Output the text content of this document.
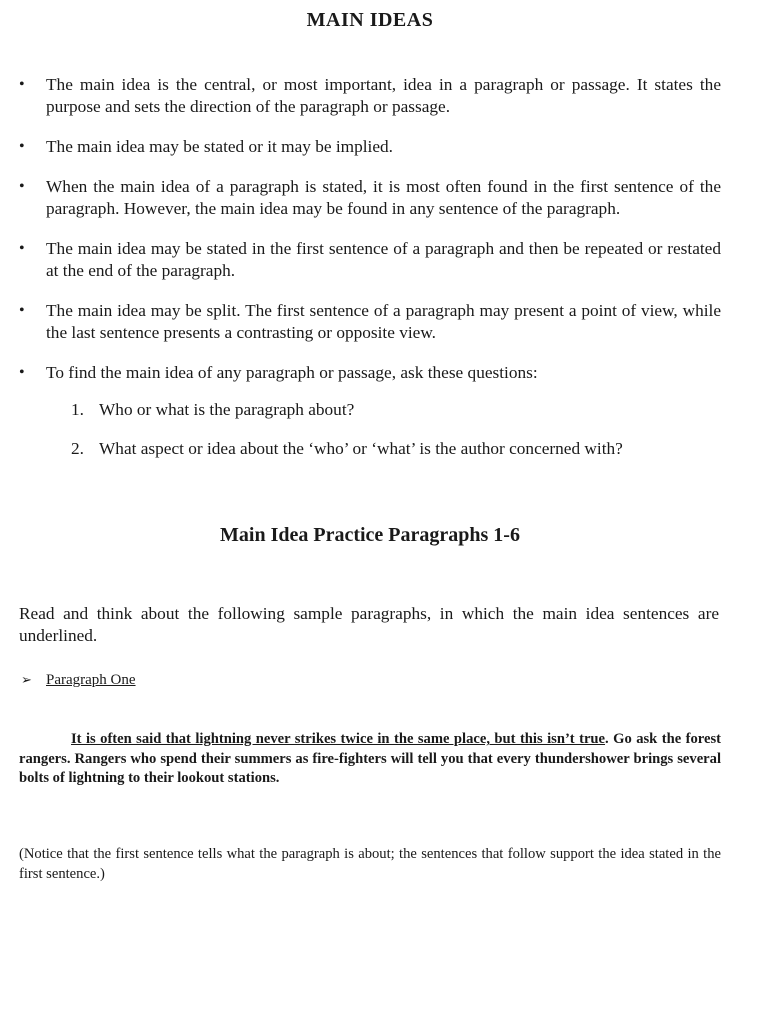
MAIN IDEAS
• The main idea is the central, or most important, idea in a paragraph or passage. It states the purpose and sets the direction of the paragraph or passage.
• The main idea may be stated or it may be implied.
• When the main idea of a paragraph is stated, it is most often found in the first sentence of the paragraph. However, the main idea may be found in any sentence of the paragraph.
• The main idea may be stated in the first sentence of a paragraph and then be repeated or restated at the end of the paragraph.
• The main idea may be split. The first sentence of a paragraph may present a point of view, while the last sentence presents a contrasting or opposite view.
• To find the main idea of any paragraph or passage, ask these questions:
1. Who or what is the paragraph about?
2. What aspect or idea about the ‘who’ or ‘what’ is the author concerned with?
Main Idea Practice Paragraphs 1-6

Read and think about the following sample paragraphs, in which the main idea sentences are underlined.

➢ Paragraph One

It is often said that lightning never strikes twice in the same place, but this isn’t true. Go ask the forest rangers. Rangers who spend their summers as fire-fighters will tell you that every thundershower brings several bolts of lightning to their lookout stations.

(Notice that the first sentence tells what the paragraph is about; the sentences that follow support the idea stated in the first sentence.)
